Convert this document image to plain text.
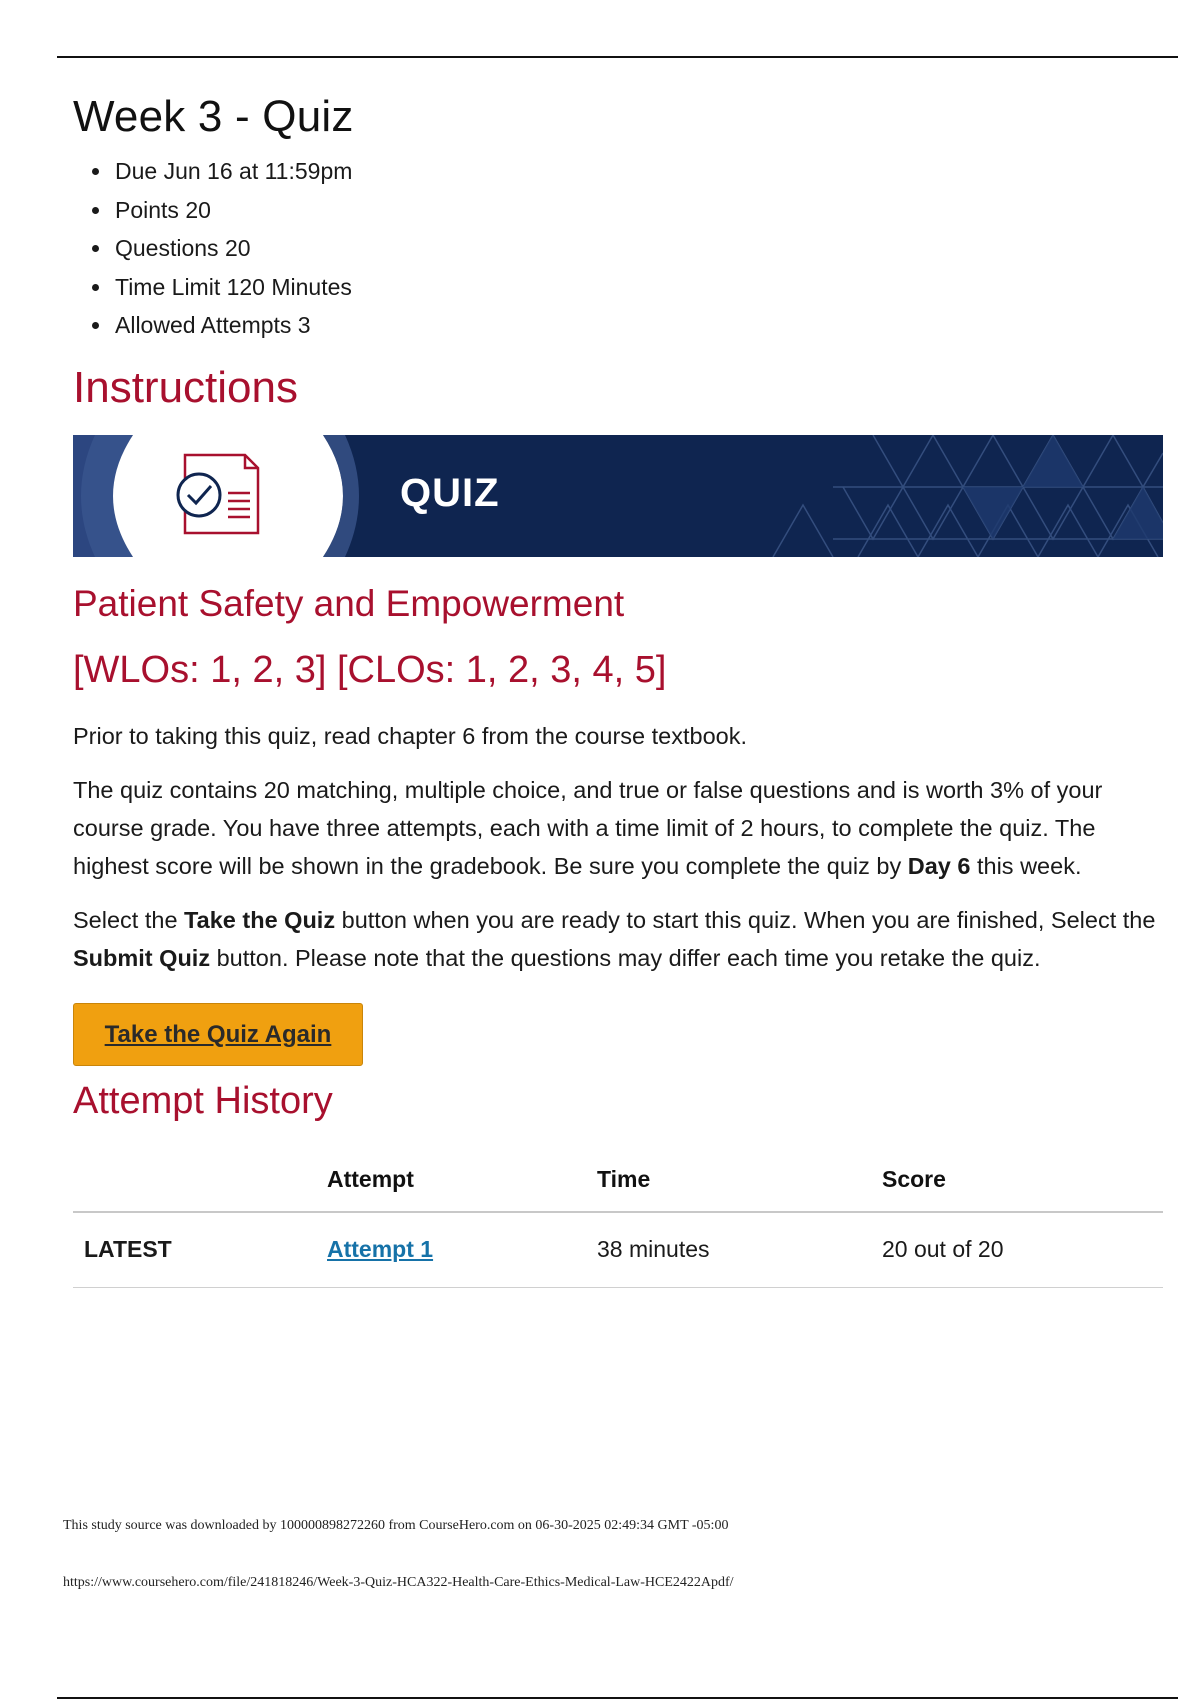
Week 3 - Quiz
• Due Jun 16 at 11:59pm
• Points 20
• Questions 20
• Time Limit 120 Minutes
• Allowed Attempts 3
Instructions
QUIZ
Patient Safety and Empowerment
[WLOs: 1, 2, 3] [CLOs: 1, 2, 3, 4, 5]

Prior to taking this quiz, read chapter 6 from the course textbook.

The quiz contains 20 matching, multiple choice, and true or false questions and is worth 3% of your course grade. You have three attempts, each with a time limit of 2 hours, to complete the quiz. The highest score will be shown in the gradebook. Be sure you complete the quiz by Day 6 this week.

Select the Take the Quiz button when you are ready to start this quiz. When you are finished, Select the Submit Quiz button. Please note that the questions may differ each time you retake the quiz.

Take the Quiz Again
Attempt History
	Attempt	Time	Score
LATEST	Attempt 1	38 minutes	20 out of 20
This study source was downloaded by 100000898272260 from CourseHero.com on 06-30-2025 02:49:34 GMT -05:00
https://www.coursehero.com/file/241818246/Week-3-Quiz-HCA322-Health-Care-Ethics-Medical-Law-HCE2422Apdf/
